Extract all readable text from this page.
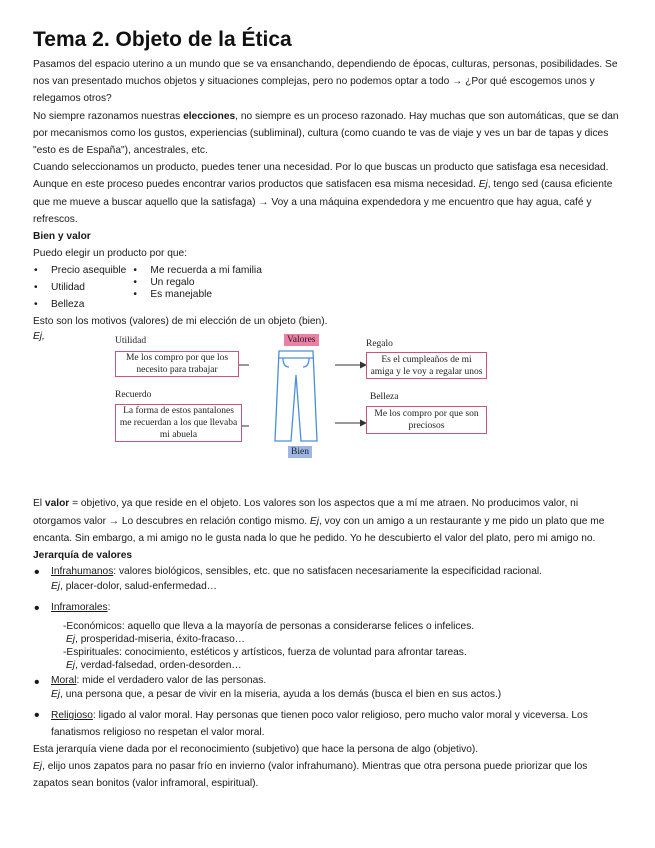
Tema 2. Objeto de la Ética

Pasamos del espacio uterino a un mundo que se va ensanchando, dependiendo de épocas, culturas, personas, posibilidades. Se nos van presentado muchos objetos y situaciones complejas, pero no podemos optar a todo → ¿Por qué escogemos unos y relegamos otros?

No siempre razonamos nuestras elecciones, no siempre es un proceso razonado. Hay muchas que son automáticas, que se dan por mecanismos como los gustos, experiencias (subliminal), cultura (como cuando te vas de viaje y ves un bar de tapas y dices "esto es de España"), ancestrales, etc.

Cuando seleccionamos un producto, puedes tener una necesidad. Por lo que buscas un producto que satisfaga esa necesidad. Aunque en este proceso puedes encontrar varios productos que satisfacen esa misma necesidad. Ej, tengo sed (causa eficiente que me mueve a buscar aquello que la satisfaga) → Voy a una máquina expendedora y me encuentro que hay agua, café y refrescos.

Bien y valor

Puedo elegir un producto por que:

• Precio asequible
• Utilidad
• Belleza
• Me recuerda a mi familia
• Un regalo
• Es manejable

Esto son los motivos (valores) de mi elección de un objeto (bien).

Ej,	Valores
Utilidad
Me los compro por que los necesito para trabajar
Regalo
Es el cumpleaños de mi amiga y le voy a regalar unos
Recuerdo
La forma de estos pantalones me recuerdan a los que llevaba mi abuela
Belleza
Me los compro por que son preciosos
Bien

El valor = objetivo, ya que reside en el objeto. Los valores son los aspectos que a mí me atraen. No producimos valor, ni otorgamos valor → Lo descubres en relación contigo mismo. Ej, voy con un amigo a un restaurante y me pido un plato que me encanta. Sin embargo, a mi amigo no le gusta nada lo que he pedido. Yo he descubierto el valor del plato, pero mi amigo no.

Jerarquía de valores

• Infrahumanos: valores biológicos, sensibles, etc. que no satisfacen necesariamente la especificidad racional.

Ej, placer-dolor, salud-enfermedad…

• Inframorales:

-Económicos: aquello que lleva a la mayoría de personas a considerarse felices o infelices.

Ej, prosperidad-miseria, éxito-fracaso…

-Espirituales: conocimiento, estéticos y artísticos, fuerza de voluntad para afrontar tareas.

Ej, verdad-falsedad, orden-desorden…

• Moral: mide el verdadero valor de las personas.

Ej, una persona que, a pesar de vivir en la miseria, ayuda a los demás (busca el bien en sus actos.)

• Religioso: ligado al valor moral. Hay personas que tienen poco valor religioso, pero mucho valor moral y viceversa. Los fanatismos religioso no respetan el valor moral.

Esta jerarquía viene dada por el reconocimiento (subjetivo) que hace la persona de algo (objetivo).

Ej, elijo unos zapatos para no pasar frío en invierno (valor infrahumano). Mientras que otra persona puede priorizar que los zapatos sean bonitos (valor inframoral, espiritual).
